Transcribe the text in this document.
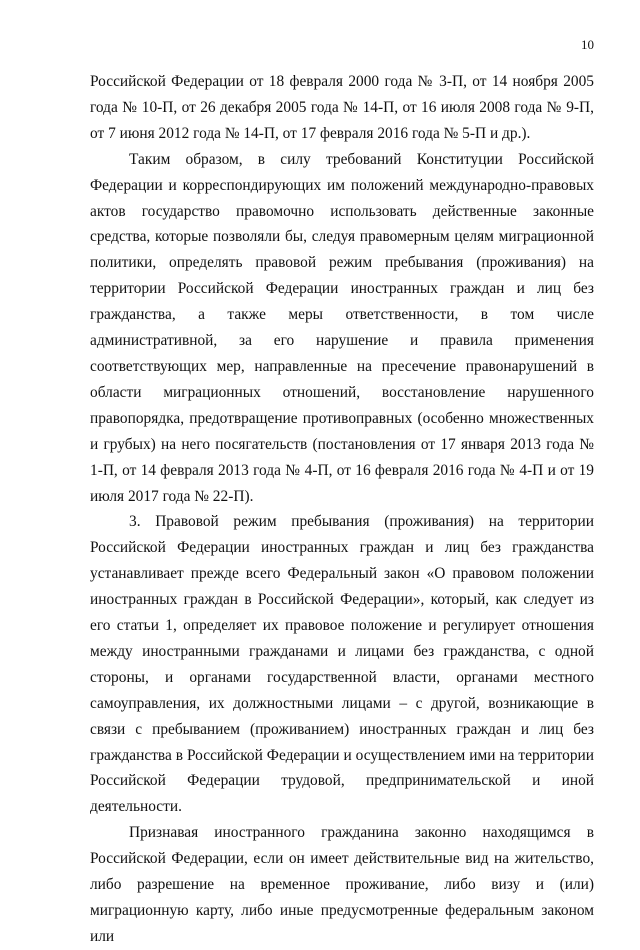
10

Российской Федерации от 18 февраля 2000 года № 3-П, от 14 ноября 2005 года № 10-П, от 26 декабря 2005 года № 14-П, от 16 июля 2008 года № 9-П, от 7 июня 2012 года № 14-П, от 17 февраля 2016 года № 5-П и др.).

Таким образом, в силу требований Конституции Российской Федерации и корреспондирующих им положений международно-правовых актов государство правомочно использовать действенные законные средства, которые позволяли бы, следуя правомерным целям миграционной политики, определять правовой режим пребывания (проживания) на территории Российской Федерации иностранных граждан и лиц без гражданства, а также меры ответственности, в том числе административной, за его нарушение и правила применения соответствующих мер, направленные на пресечение правонарушений в области миграционных отношений, восстановление нарушенного правопорядка, предотвращение противоправных (особенно множественных и грубых) на него посягательств (постановления от 17 января 2013 года № 1-П, от 14 февраля 2013 года № 4-П, от 16 февраля 2016 года № 4-П и от 19 июля 2017 года № 22-П).

3. Правовой режим пребывания (проживания) на территории Российской Федерации иностранных граждан и лиц без гражданства устанавливает прежде всего Федеральный закон «О правовом положении иностранных граждан в Российской Федерации», который, как следует из его статьи 1, определяет их правовое положение и регулирует отношения между иностранными гражданами и лицами без гражданства, с одной стороны, и органами государственной власти, органами местного самоуправления, их должностными лицами – с другой, возникающие в связи с пребыванием (проживанием) иностранных граждан и лиц без гражданства в Российской Федерации и осуществлением ими на территории Российской Федерации трудовой, предпринимательской и иной деятельности.

Признавая иностранного гражданина законно находящимся в Российской Федерации, если он имеет действительные вид на жительство, либо разрешение на временное проживание, либо визу и (или) миграционную карту, либо иные предусмотренные федеральным законом или
